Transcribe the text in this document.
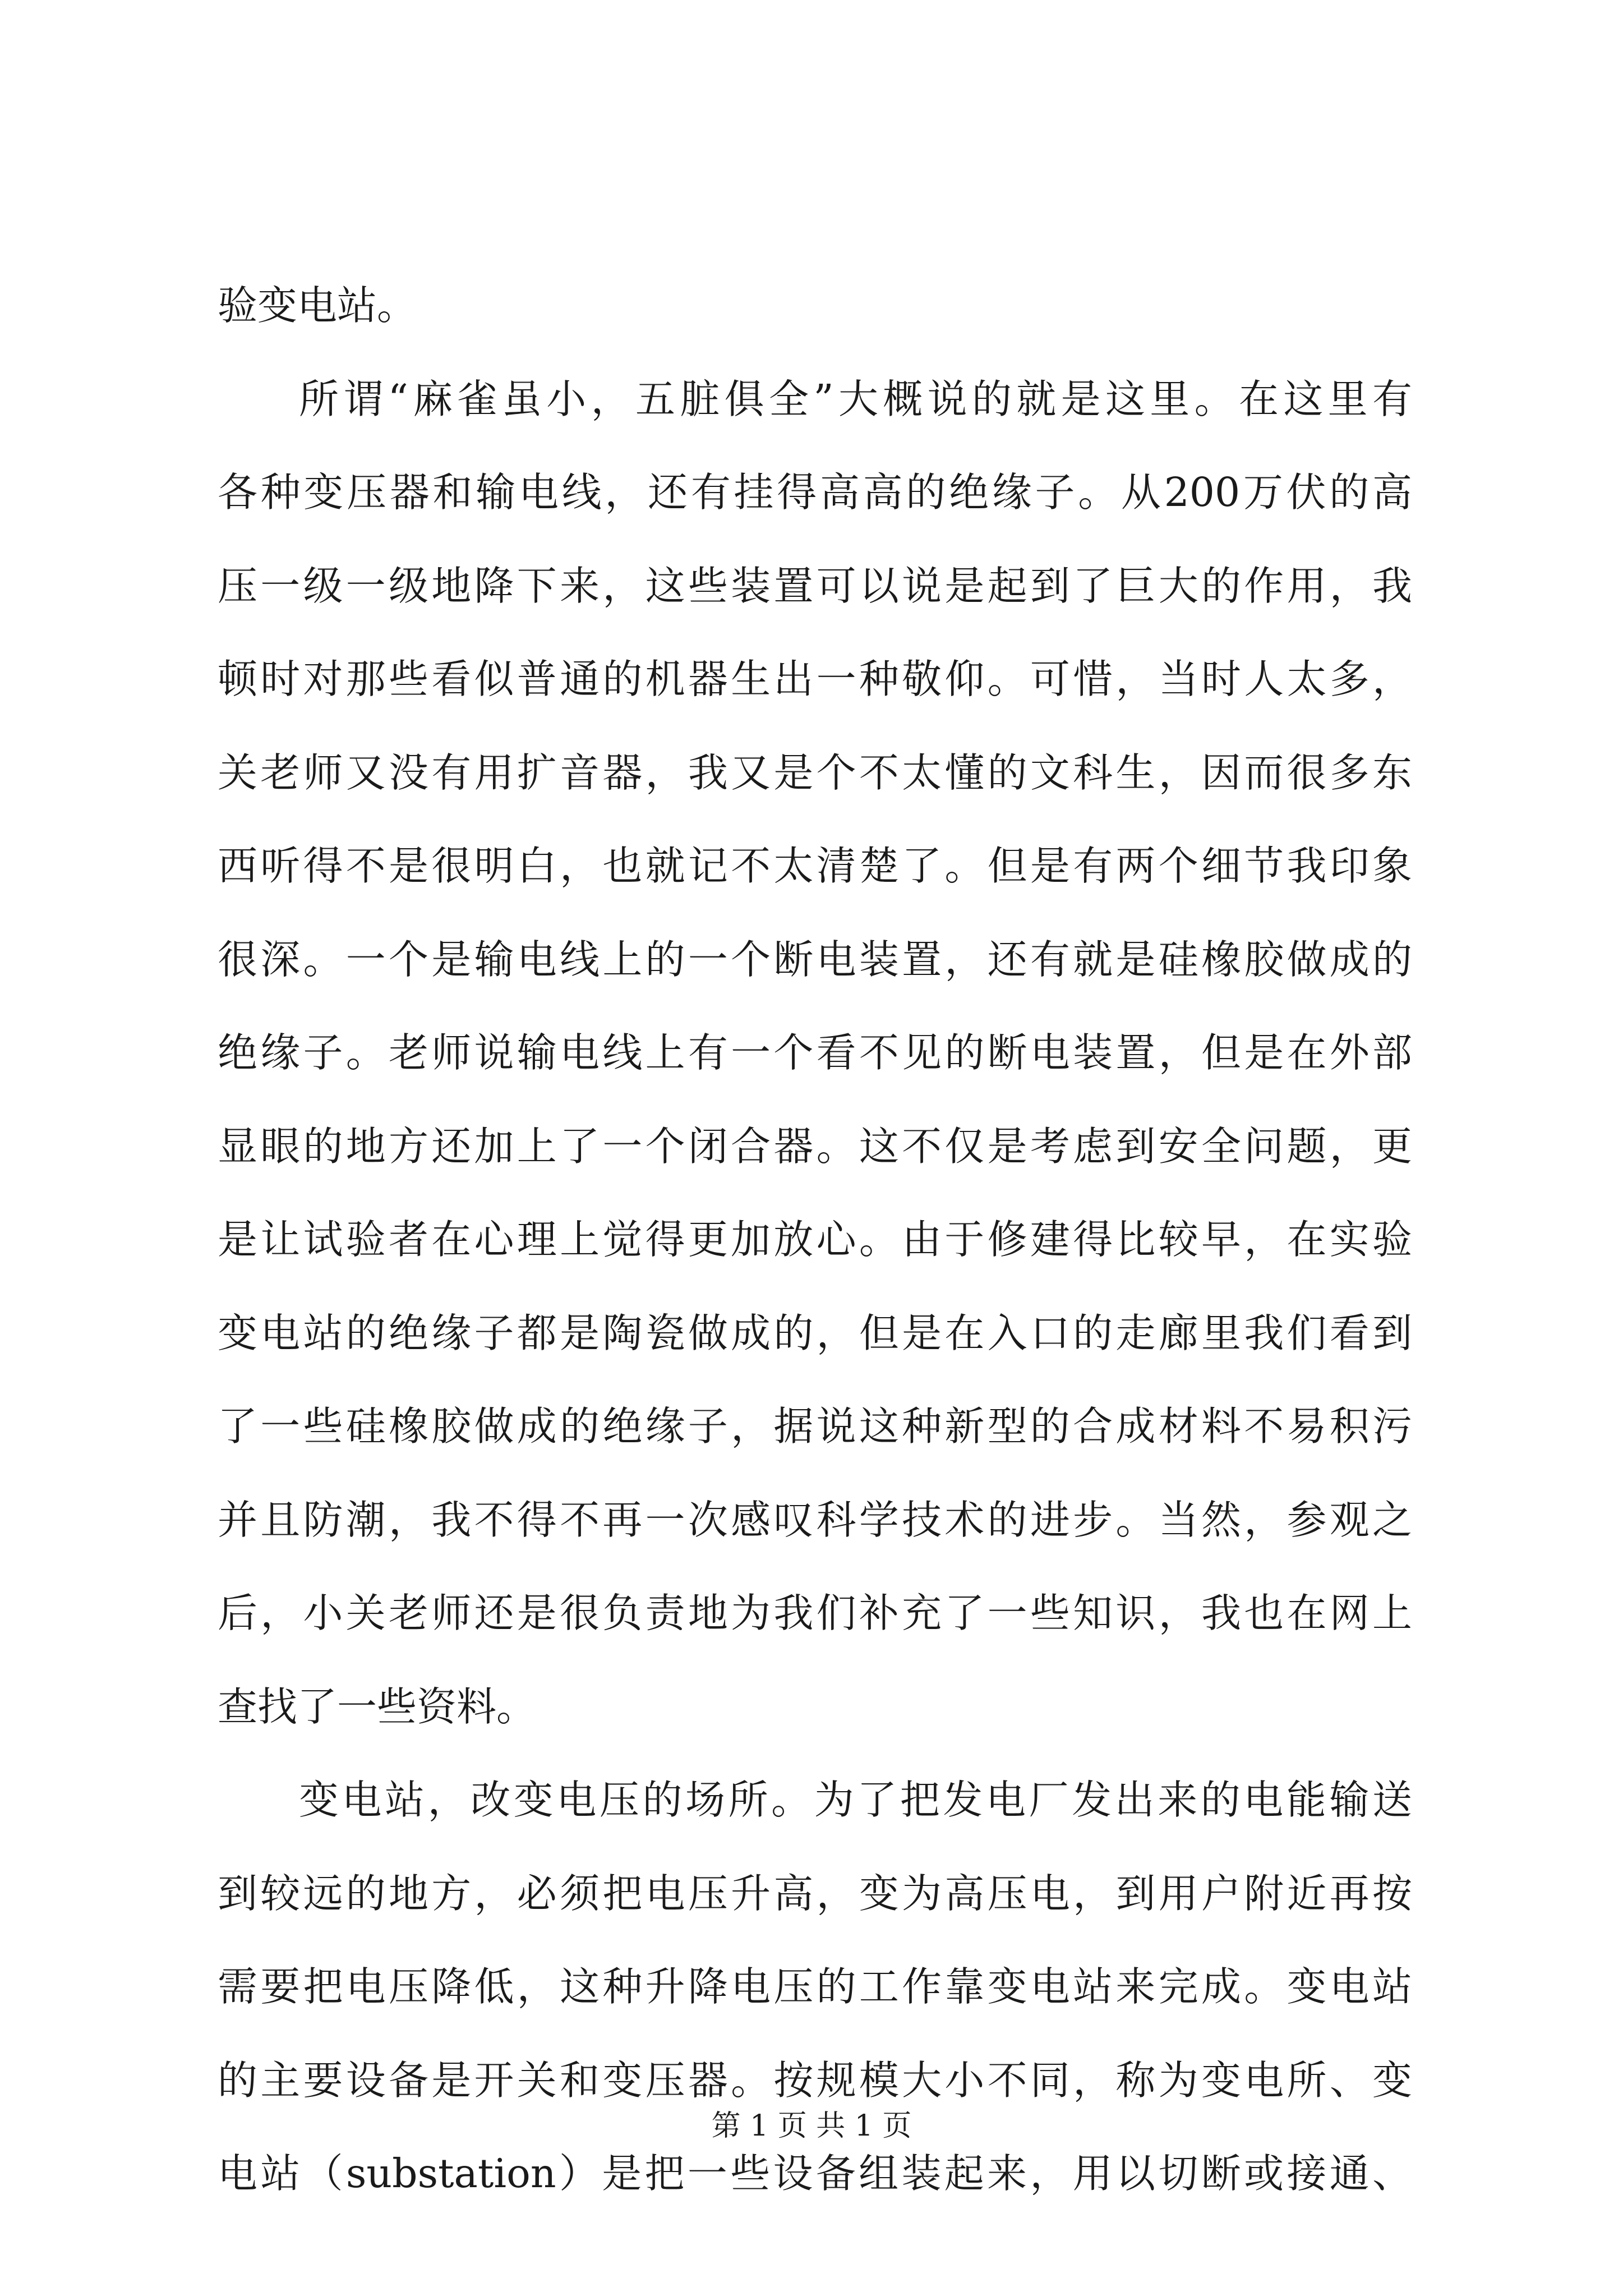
验变电站。
所谓“麻雀虽小，五脏俱全”大概说的就是这里。在这里有
各种变压器和输电线，还有挂得高高的绝缘子。从200万伏的高
压一级一级地降下来，这些装置可以说是起到了巨大的作用，我
顿时对那些看似普通的机器生出一种敬仰。可惜，当时人太多，
关老师又没有用扩音器，我又是个不太懂的文科生，因而很多东
西听得不是很明白，也就记不太清楚了。但是有两个细节我印象
很深。一个是输电线上的一个断电装置，还有就是硅橡胶做成的
绝缘子。老师说输电线上有一个看不见的断电装置，但是在外部
显眼的地方还加上了一个闭合器。这不仅是考虑到安全问题，更
是让试验者在心理上觉得更加放心。由于修建得比较早，在实验
变电站的绝缘子都是陶瓷做成的，但是在入口的走廊里我们看到
了一些硅橡胶做成的绝缘子，据说这种新型的合成材料不易积污
并且防潮，我不得不再一次感叹科学技术的进步。当然，参观之
后，小关老师还是很负责地为我们补充了一些知识，我也在网上
查找了一些资料。
变电站，改变电压的场所。为了把发电厂发出来的电能输送
到较远的地方，必须把电压升高，变为高压电，到用户附近再按
需要把电压降低，这种升降电压的工作靠变电站来完成。变电站
的主要设备是开关和变压器。按规模大小不同，称为变电所、变
电站（substation）是把一些设备组装起来，用以切断或接通、
第 1 页 共 1 页
